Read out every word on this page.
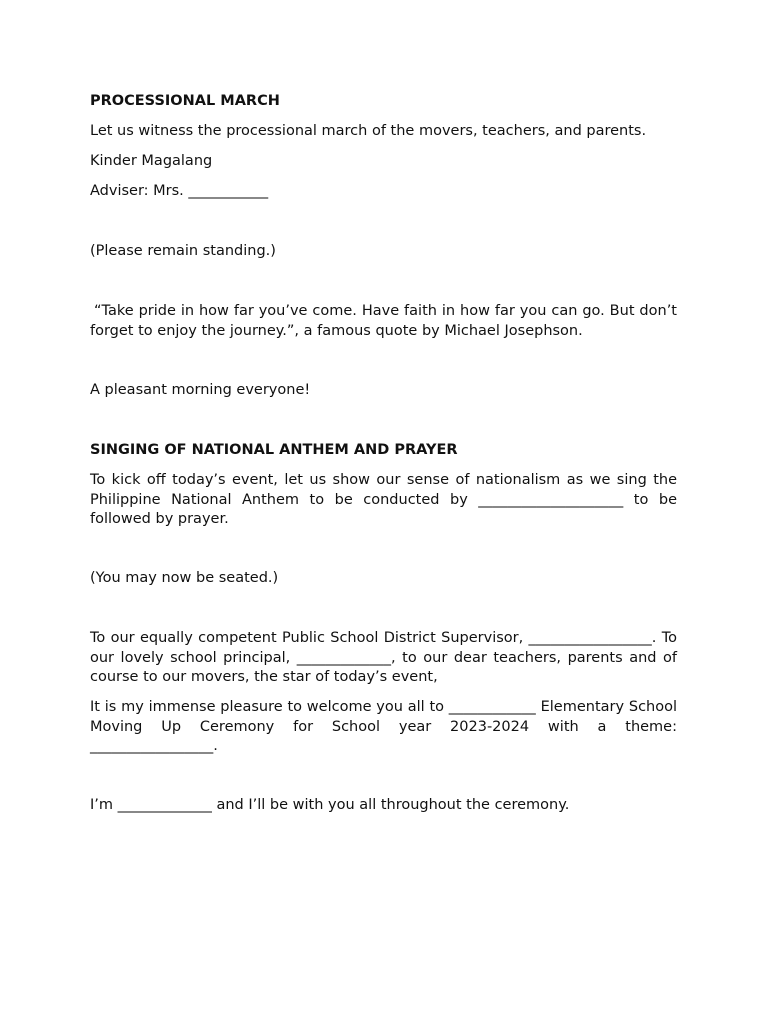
PROCESSIONAL MARCH

Let us witness the processional march of the movers, teachers, and parents.

Kinder Magalang

Adviser: Mrs. ___________

(Please remain standing.)

“Take pride in how far you’ve come. Have faith in how far you can go. But don’t forget to enjoy the journey.”, a famous quote by Michael Josephson.

A pleasant morning everyone!

SINGING OF NATIONAL ANTHEM AND PRAYER

To kick off today’s event, let us show our sense of nationalism as we sing the Philippine National Anthem to be conducted by ____________________ to be followed by prayer.

(You may now be seated.)

To our equally competent Public School District Supervisor, _________________. To our lovely school principal, _____________, to our dear teachers, parents and of course to our movers, the star of today’s event,

It is my immense pleasure to welcome you all to ____________ Elementary School Moving Up Ceremony for School year 2023-2024 with a theme: _________________.

I’m _____________ and I’ll be with you all throughout the ceremony.
